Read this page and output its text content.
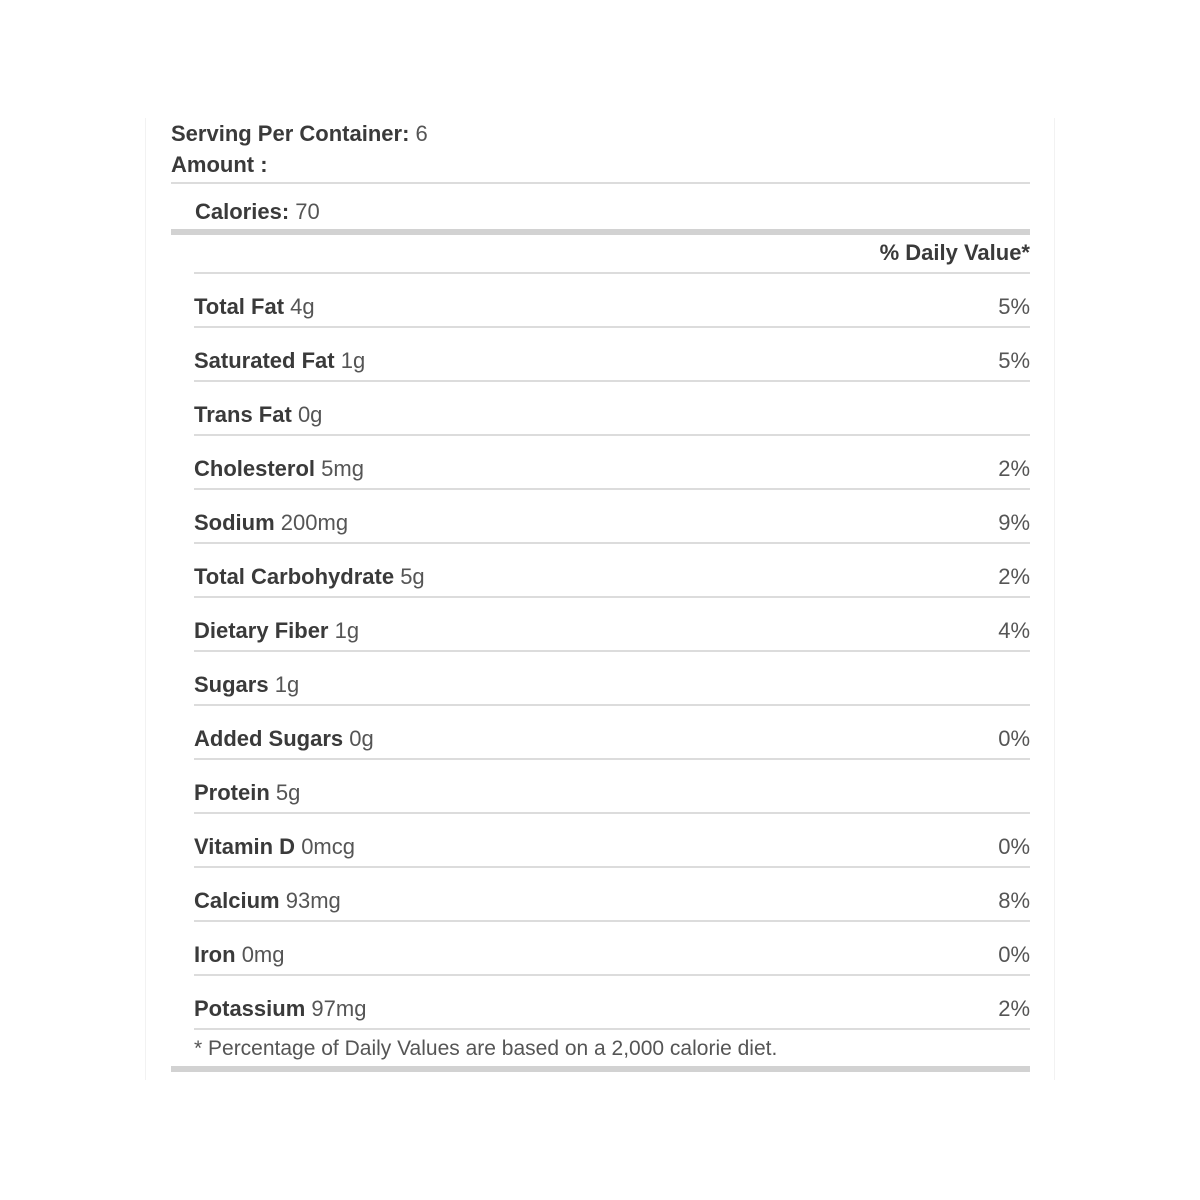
Serving Per Container: 6
Amount :
Calories: 70
% Daily Value*
Total Fat 4g	5%
Saturated Fat 1g	5%
Trans Fat 0g
Cholesterol 5mg	2%
Sodium 200mg	9%
Total Carbohydrate 5g	2%
Dietary Fiber 1g	4%
Sugars 1g
Added Sugars 0g	0%
Protein 5g
Vitamin D 0mcg	0%
Calcium 93mg	8%
Iron 0mg	0%
Potassium 97mg	2%
* Percentage of Daily Values are based on a 2,000 calorie diet.
